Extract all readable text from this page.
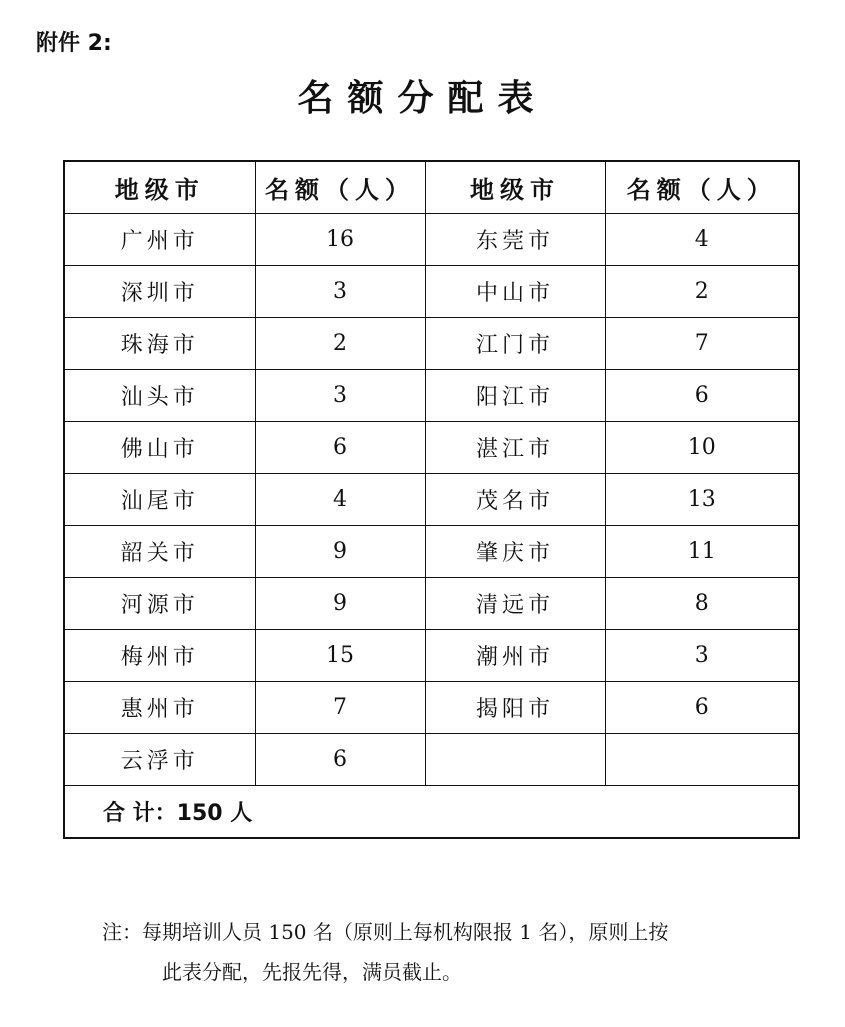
附件 2:
名额分配表
地级市	名额（人）	地级市	名额（人）
广州市	16	东莞市	4
深圳市	3	中山市	2
珠海市	2	江门市	7
汕头市	3	阳江市	6
佛山市	6	湛江市	10
汕尾市	4	茂名市	13
韶关市	9	肇庆市	11
河源市	9	清远市	8
梅州市	15	潮州市	3
惠州市	7	揭阳市	6
云浮市	6		
合 计：150 人			
注：每期培训人员 150 名（原则上每机构限报 1 名），原则上按
此表分配，先报先得，满员截止。
